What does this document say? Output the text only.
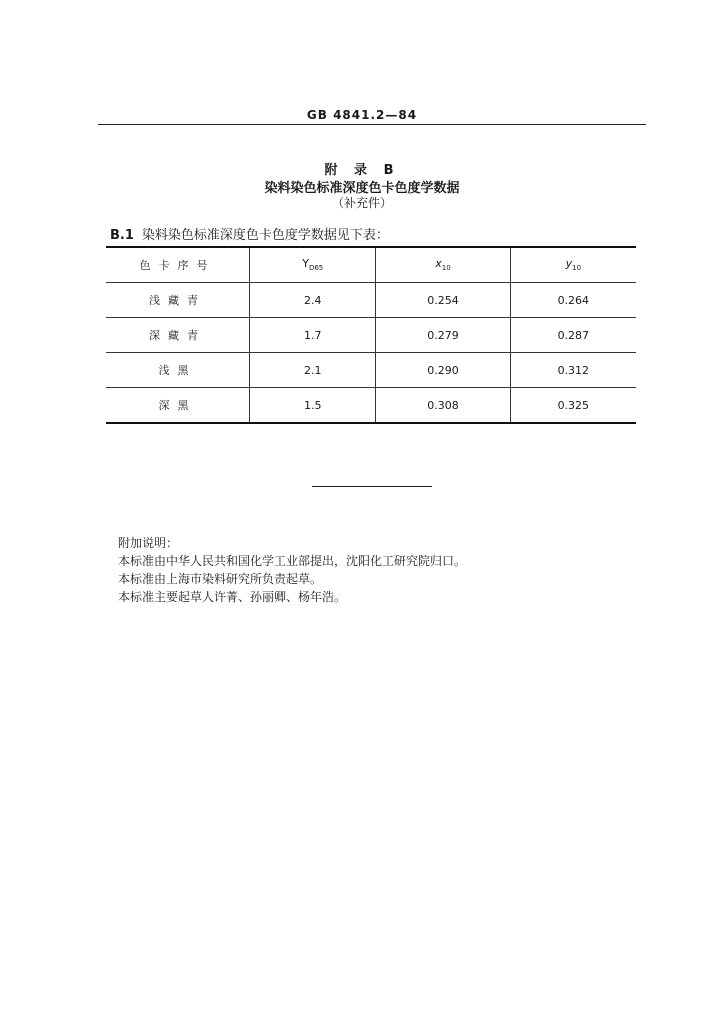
GB 4841.2—84
附 录 B
染料染色标准深度色卡色度学数据
（补充件）
B.1 染料染色标准深度色卡色度学数据见下表：
色卡序号	$Y_{D65}$	$x_{10}$	$y_{10}$
浅藏青	2.4	0.254	0.264
深藏青	1.7	0.279	0.287
浅黑	2.1	0.290	0.312
深黑	1.5	0.308	0.325
附加说明：
本标准由中华人民共和国化学工业部提出，沈阳化工研究院归口。
本标准由上海市染料研究所负责起草。
本标准主要起草人许菁、孙丽卿、杨年浩。
